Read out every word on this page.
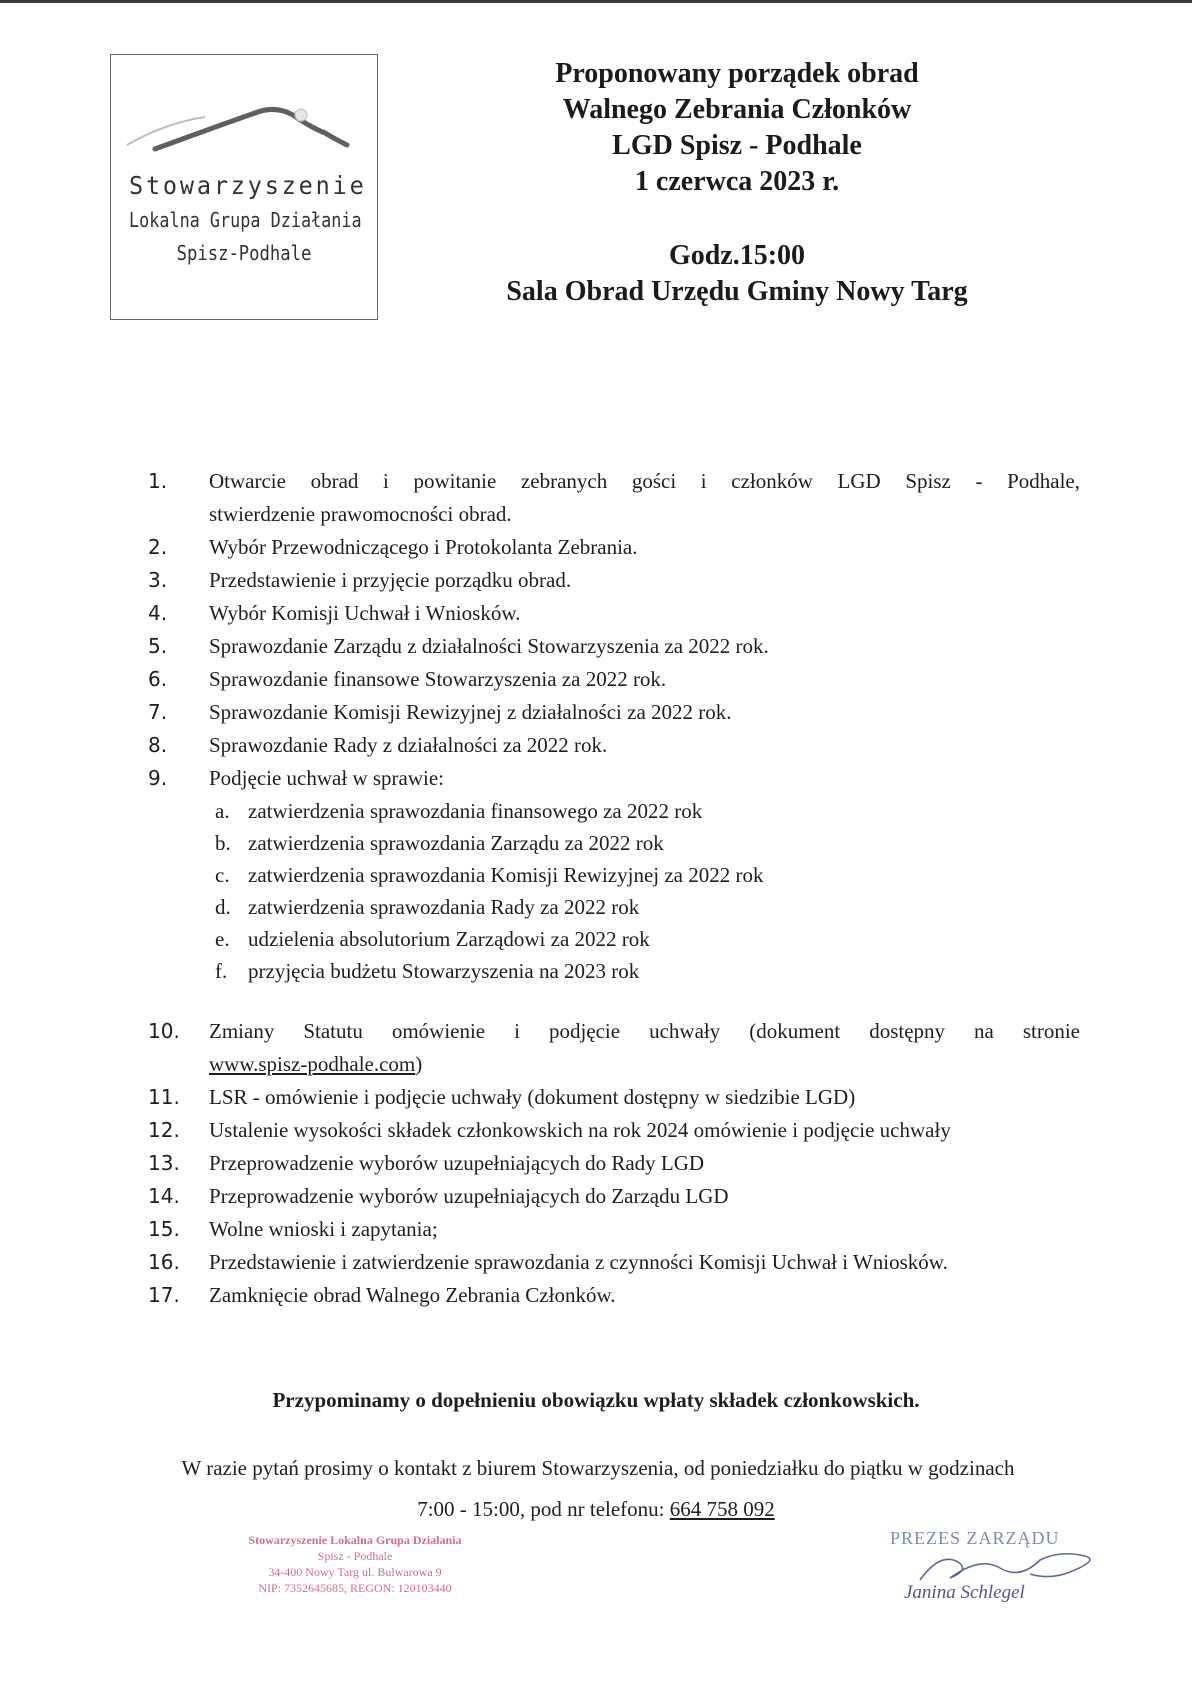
Stowarzyszenie
Lokalna Grupa Działania
Spisz-Podhale
Proponowany porządek obrad
Walnego Zebrania Członków
LGD Spisz - Podhale
1 czerwca 2023 r.
Godz.15:00
Sala Obrad Urzędu Gminy Nowy Targ
1.	Otwarcie obrad i powitanie zebranych gości i członków LGD Spisz - Podhale,
stwierdzenie prawomocności obrad.
2.	Wybór Przewodniczącego i Protokolanta Zebrania.
3.	Przedstawienie i przyjęcie porządku obrad.
4.	Wybór Komisji Uchwał i Wniosków.
5.	Sprawozdanie Zarządu z działalności Stowarzyszenia za 2022 rok.
6.	Sprawozdanie finansowe Stowarzyszenia za 2022 rok.
7.	Sprawozdanie Komisji Rewizyjnej z działalności za 2022 rok.
8.	Sprawozdanie Rady z działalności za 2022 rok.
9.	Podjęcie uchwał w sprawie:
a. zatwierdzenia sprawozdania finansowego za 2022 rok
b. zatwierdzenia sprawozdania Zarządu za 2022 rok
c. zatwierdzenia sprawozdania Komisji Rewizyjnej za 2022 rok
d. zatwierdzenia sprawozdania Rady za 2022 rok
e. udzielenia absolutorium Zarządowi za 2022 rok
f. przyjęcia budżetu Stowarzyszenia na 2023 rok
10.	Zmiany Statutu omówienie i podjęcie uchwały (dokument dostępny na stronie
www.spisz-podhale.com)
11.	LSR - omówienie i podjęcie uchwały (dokument dostępny w siedzibie LGD)
12.	Ustalenie wysokości składek członkowskich na rok 2024 omówienie i podjęcie uchwały
13.	Przeprowadzenie wyborów uzupełniających do Rady LGD
14.	Przeprowadzenie wyborów uzupełniających do Zarządu LGD
15.	Wolne wnioski i zapytania;
16.	Przedstawienie i zatwierdzenie sprawozdania z czynności Komisji Uchwał i Wniosków.
17.	Zamknięcie obrad Walnego Zebrania Członków.
Przypominamy o dopełnieniu obowiązku wpłaty składek członkowskich.
W razie pytań prosimy o kontakt z biurem Stowarzyszenia, od poniedziałku do piątku w godzinach
7:00 - 15:00, pod nr telefonu: 664 758 092
Stowarzyszenie Lokalna Grupa Działania
Spisz - Podhale
34-400 Nowy Targ ul. Bulwarowa 9
NIP: 7352645685, REGON: 120103440
PREZES ZARZĄDU
Janina Schlegel
